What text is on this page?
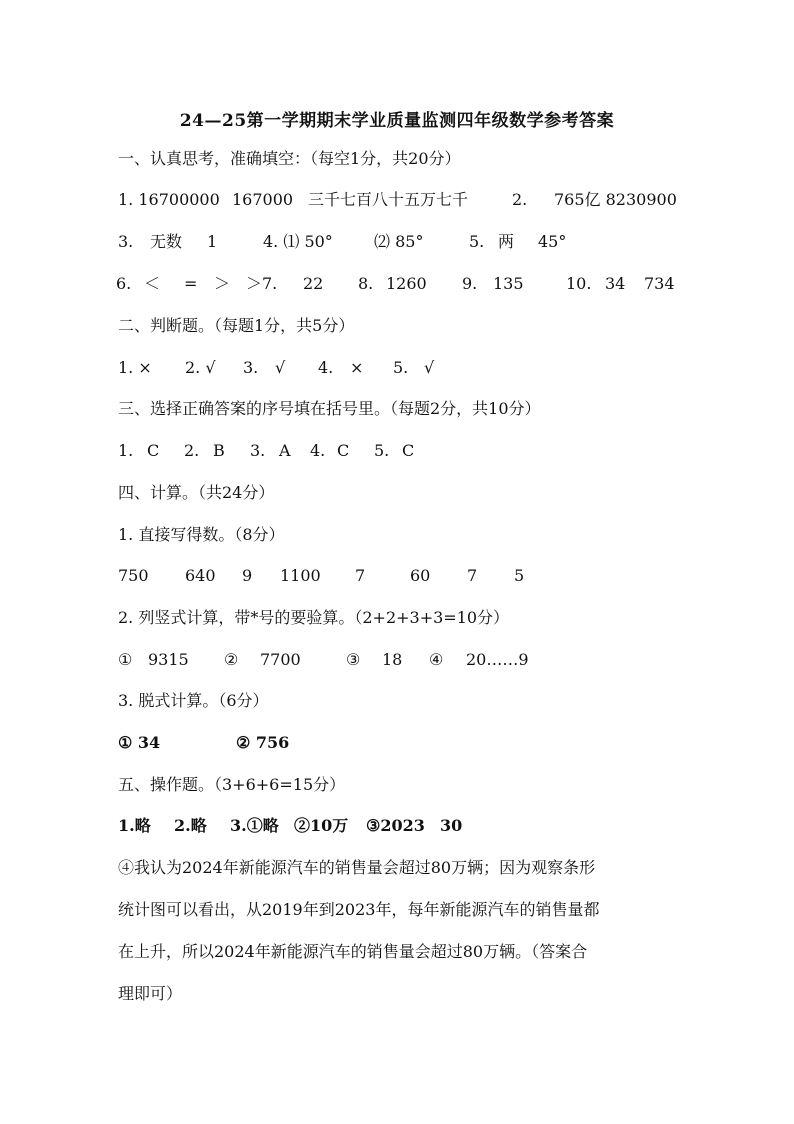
24—25第一学期期末学业质量监测四年级数学参考答案
一、认真思考，准确填空：（每空1分，共20分）
1. 16700000 167000 三千七百八十五万七千	2. 765亿 8230900
3. 无数 1	4. ⑴ 50°	⑵ 85°	5. 两 45°
6. ＜ = ＞ ＞7. 22 8. 1260 9. 135	10. 34 734
二、判断题。（每题1分，共5分）
1. × 2. √ 3. √ 4. × 5. √
三、选择正确答案的序号填在括号里。（每题2分，共10分）
1. C 2. B 3. A 4. C 5. C
四、计算。（共24分）
1. 直接写得数。（8分）
750 640 9 1100 7	60 7 5
2. 列竖式计算，带*号的要验算。（2+2+3+3=10分）
① 9315 ② 7700	③ 18 ④ 20……9
3. 脱式计算。（6分）
① 34	② 756
五、操作题。（3+6+6=15分）
1.略 2.略 3.①略 ②10万 ③2023 30
④我认为2024年新能源汽车的销售量会超过80万辆；因为观察条形
统计图可以看出，从2019年到2023年，每年新能源汽车的销售量都
在上升，所以2024年新能源汽车的销售量会超过80万辆。（答案合
理即可）
